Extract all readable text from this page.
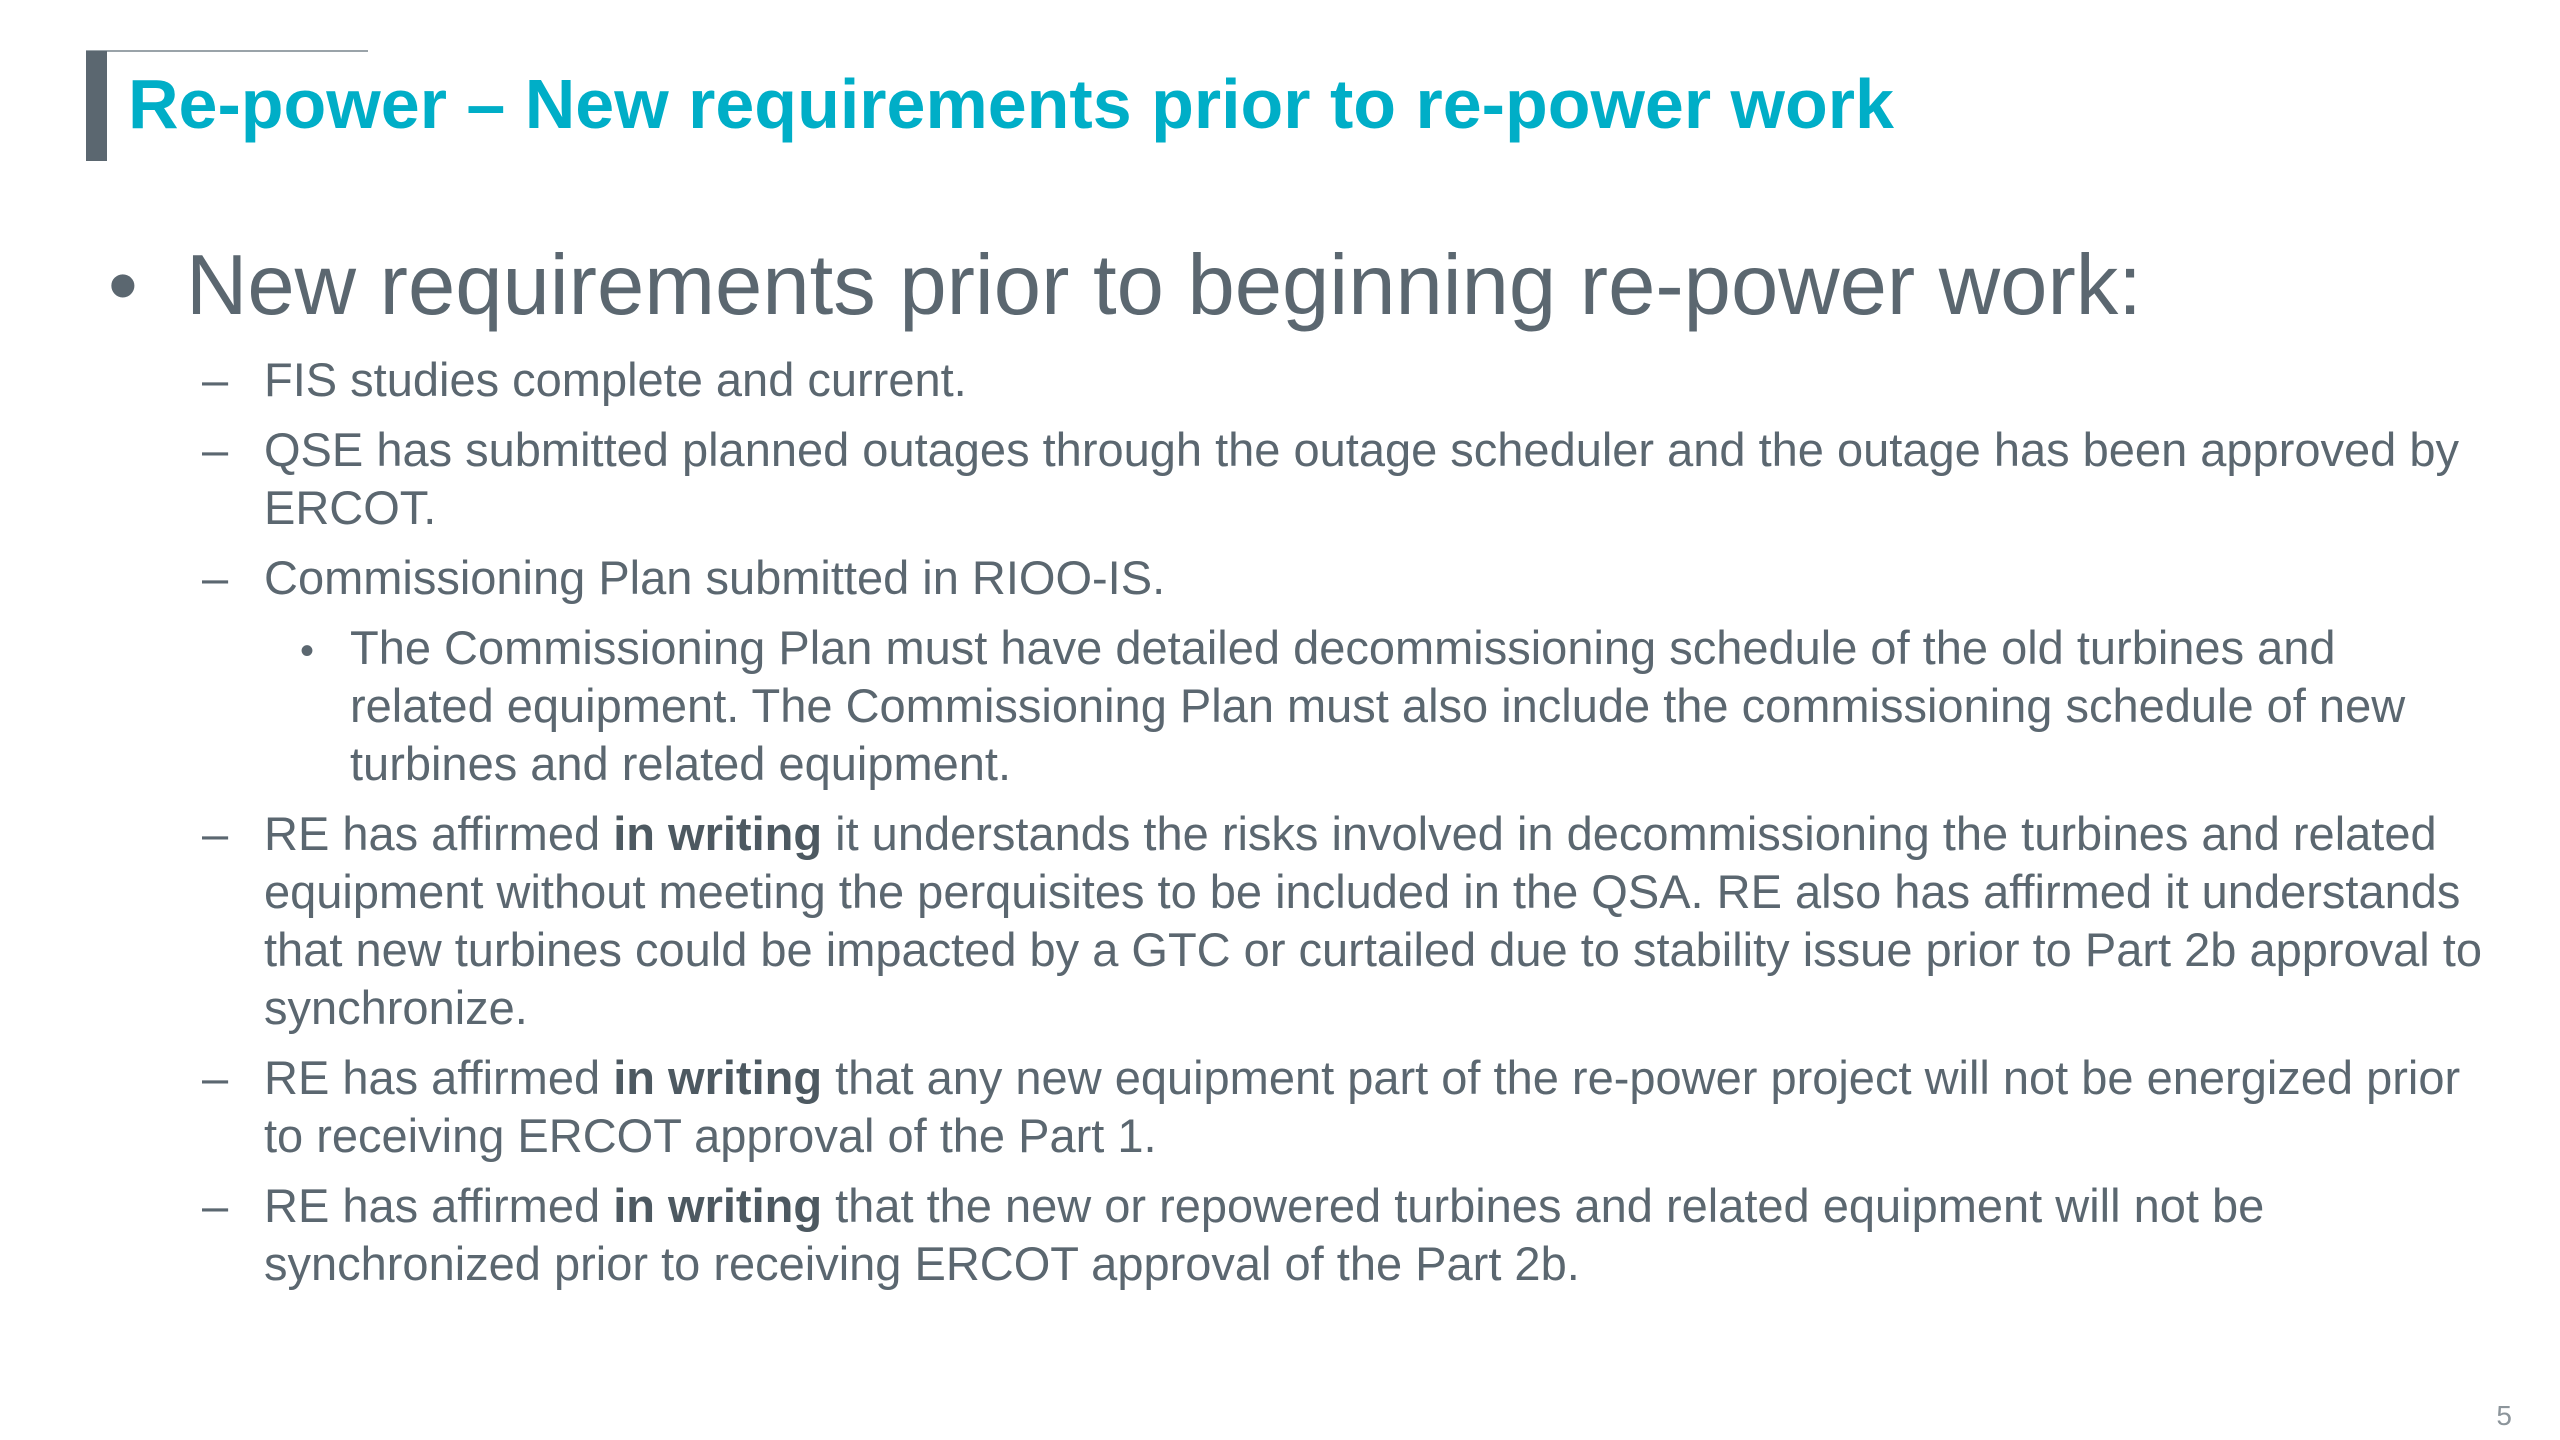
Re-power – New requirements prior to re-power work
• New requirements prior to beginning re-power work:
– FIS studies complete and current.
– QSE has submitted planned outages through the outage scheduler and the outage has been approved by ERCOT.
– Commissioning Plan submitted in RIOO-IS.
• The Commissioning Plan must have detailed decommissioning schedule of the old turbines and related equipment. The Commissioning Plan must also include the commissioning schedule of new turbines and related equipment.
– RE has affirmed in writing it understands the risks involved in decommissioning the turbines and related equipment without meeting the perquisites to be included in the QSA. RE also has affirmed it understands that new turbines could be impacted by a GTC or curtailed due to stability issue prior to Part 2b approval to synchronize.
– RE has affirmed in writing that any new equipment part of the re-power project will not be energized prior to receiving ERCOT approval of the Part 1.
– RE has affirmed in writing that the new or repowered turbines and related equipment will not be synchronized prior to receiving ERCOT approval of the Part 2b.
5
